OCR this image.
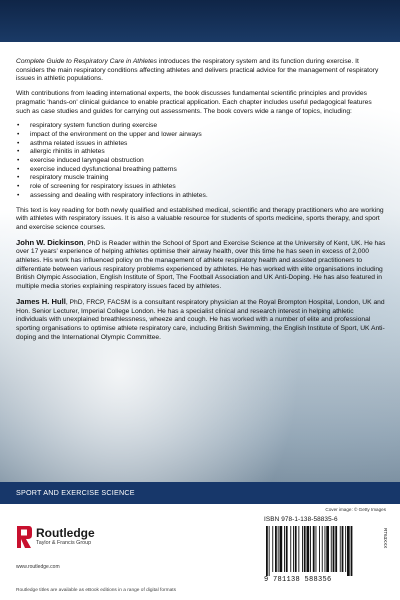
Complete Guide to Respiratory Care in Athletes introduces the respiratory system and its function during exercise. It considers the main respiratory conditions affecting athletes and delivers practical advice for the management of respiratory issues in athletic populations.

With contributions from leading international experts, the book discusses fundamental scientific principles and provides pragmatic 'hands-on' clinical guidance to enable practical application. Each chapter includes useful pedagogical features such as case studies and guides for carrying out assessments. The book covers wide a range of topics, including:

• respiratory system function during exercise
• impact of the environment on the upper and lower airways
• asthma related issues in athletes
• allergic rhinitis in athletes
• exercise induced laryngeal obstruction
• exercise induced dysfunctional breathing patterns
• respiratory muscle training
• role of screening for respiratory issues in athletes
• assessing and dealing with respiratory infections in athletes.

This text is key reading for both newly qualified and established medical, scientific and therapy practitioners who are working with athletes with respiratory issues. It is also a valuable resource for students of sports medicine, sports therapy, and sport and exercise science courses.

John W. Dickinson, PhD is Reader within the School of Sport and Exercise Science at the University of Kent, UK. He has over 17 years' experience of helping athletes optimise their airway health, over this time he has seen in excess of 2,000 athletes. His work has influenced policy on the management of athlete respiratory health and assisted practitioners to differentiate between various respiratory problems experienced by athletes. He has worked with elite organisations including British Olympic Association, English Institute of Sport, The Football Association and UK Anti-Doping. He has also featured in multiple media stories explaining respiratory issues faced by athletes.

James H. Hull, PhD, FRCP, FACSM is a consultant respiratory physician at the Royal Brompton Hospital, London, UK and Hon. Senior Lecturer, Imperial College London. He has a specialist clinical and research interest in helping athletic individuals with unexplained breathlessness, wheeze and cough. He has worked with a number of elite and professional sporting organisations to optimise athlete respiratory care, including British Swimming, the English Institute of Sport, UK Anti-doping and the International Olympic Committee.

SPORT AND EXERCISE SCIENCE
Cover image: © Getty Images
Routledge
Taylor & Francis Group
www.routledge.com
Routledge titles are available as eBook editions in a range of digital formats
ISBN 978-1-138-58835-6
9 781138 588356
RT63XXX
